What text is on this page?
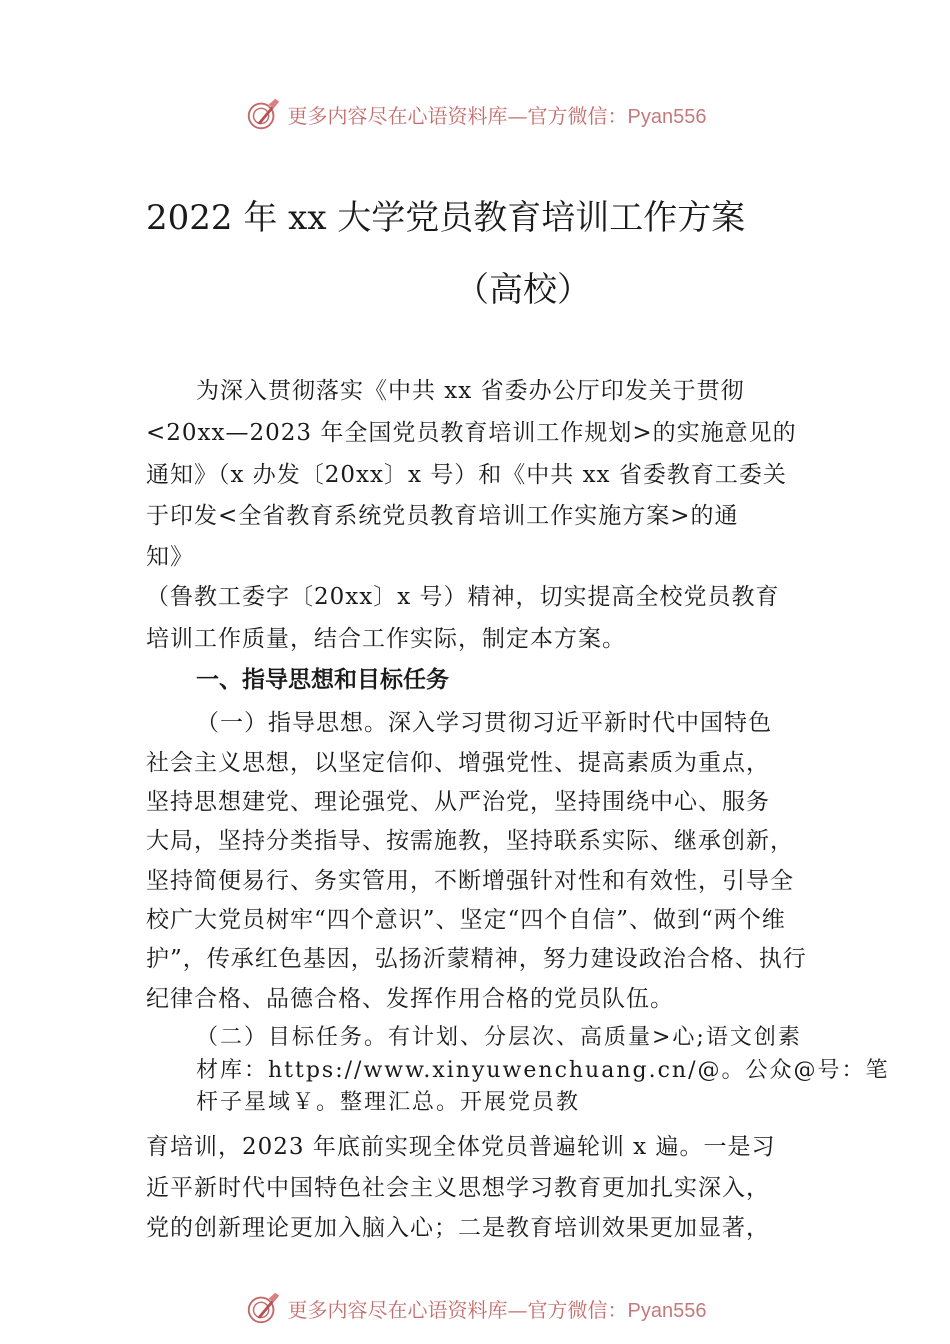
更多内容尽在心语资料库—官方微信：Pyan556
2022 年 xx 大学党员教育培训工作方案
（高校）
为深入贯彻落实《中共 xx 省委办公厅印发关于贯彻
<20xx—2023 年全国党员教育培训工作规划>的实施意见的
通知》（x 办发〔20xx〕x 号）和《中共 xx 省委教育工委关
于印发<全省教育系统党员教育培训工作实施方案>的通
知》
（鲁教工委字〔20xx〕x 号）精神，切实提高全校党员教育
培训工作质量，结合工作实际，制定本方案。
一、指导思想和目标任务
（一）指导思想。深入学习贯彻习近平新时代中国特色
社会主义思想，以坚定信仰、增强党性、提高素质为重点，
坚持思想建党、理论强党、从严治党，坚持围绕中心、服务
大局，坚持分类指导、按需施教，坚持联系实际、继承创新，
坚持简便易行、务实管用，不断增强针对性和有效性，引导全
校广大党员树牢“四个意识”、坚定“四个自信”、做到“两个维
护”，传承红色基因，弘扬沂蒙精神，努力建设政治合格、执行
纪律合格、品德合格、发挥作用合格的党员队伍。
（二）目标任务。有计划、分层次、高质量>心;语文创素
材库：https://www.xinyuwenchuang.cn/@。公众@号：笔
杆子星域￥。整理汇总。开展党员教
育培训，2023 年底前实现全体党员普遍轮训 x 遍。一是习
近平新时代中国特色社会主义思想学习教育更加扎实深入，
党的创新理论更加入脑入心；二是教育培训效果更加显著，
更多内容尽在心语资料库—官方微信：Pyan556
